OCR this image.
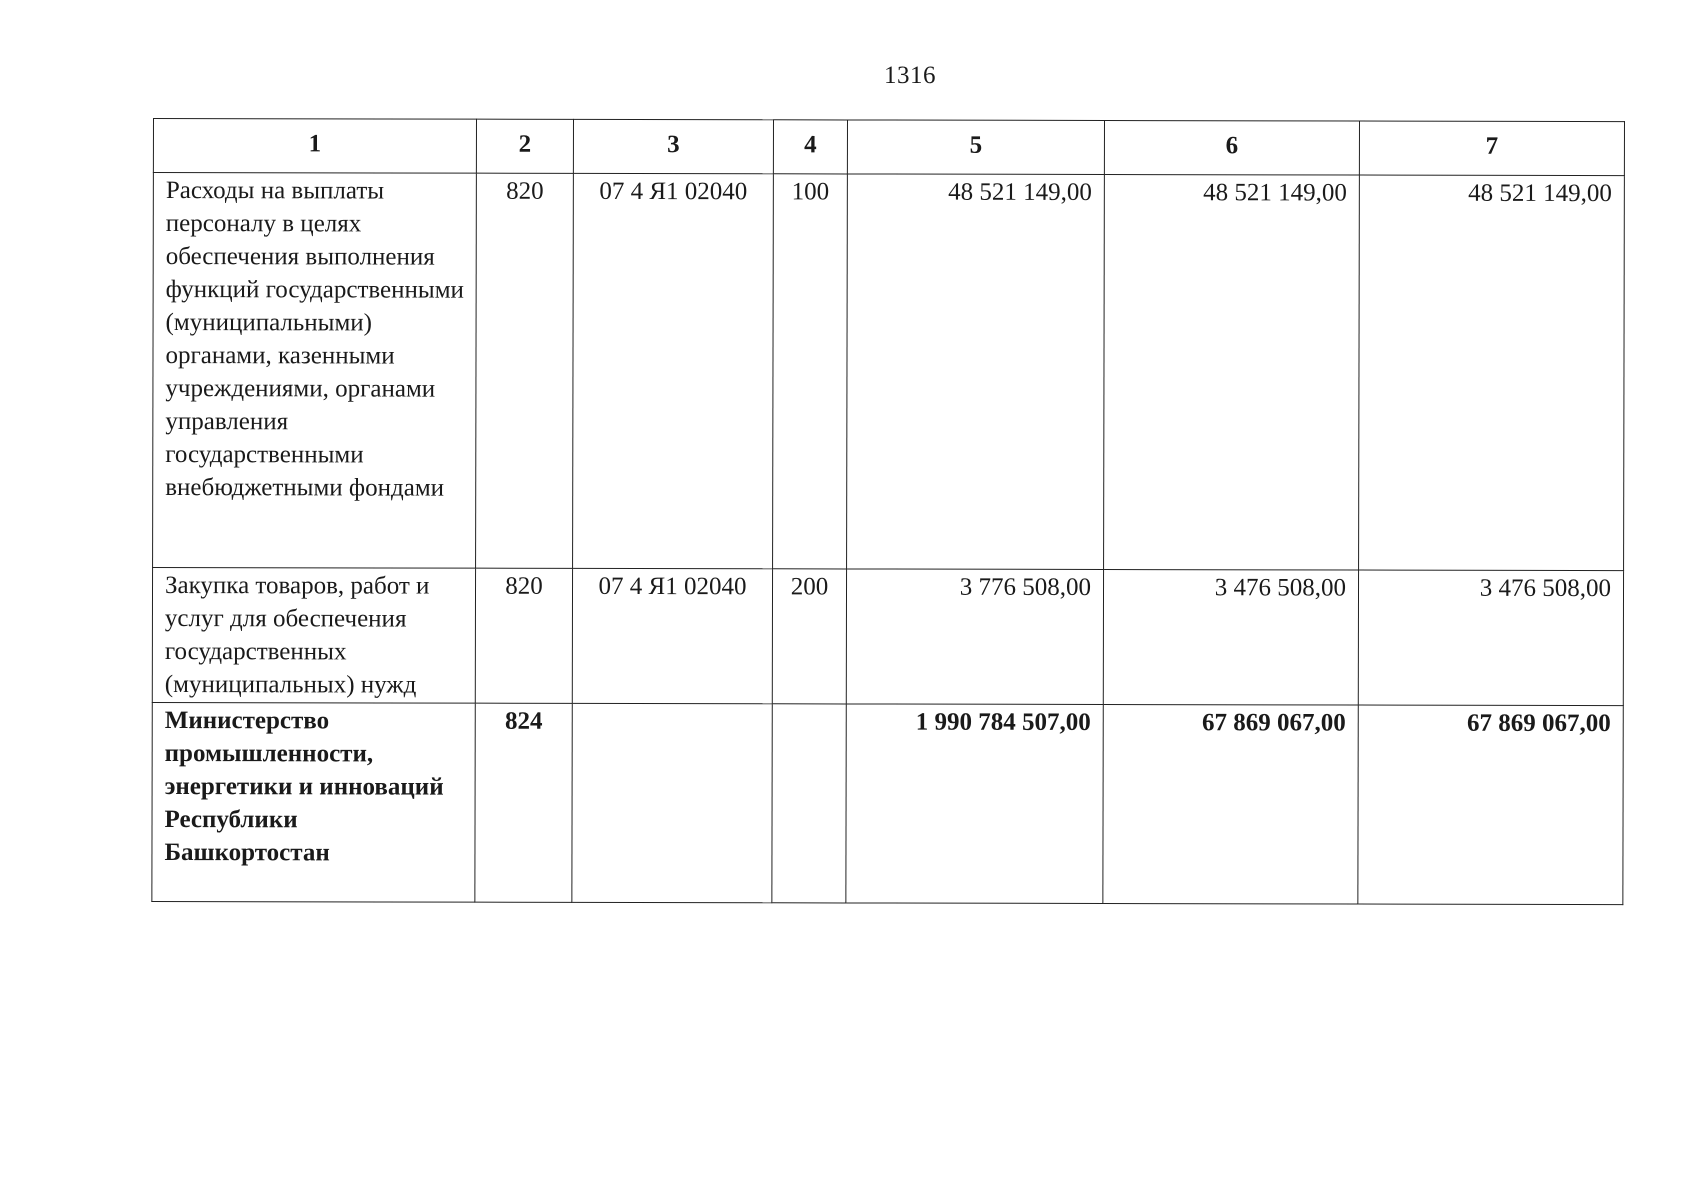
1316
1	2	3	4	5	6	7
Расходы на выплаты персоналу в целях обеспечения выполнения функций государственными (муниципальными) органами, казенными учреждениями, органами управления государственными внебюджетными фондами	820	07 4 Я1 02040	100	48 521 149,00	48 521 149,00	48 521 149,00
Закупка товаров, работ и услуг для обеспечения государственных (муниципальных) нужд	820	07 4 Я1 02040	200	3 776 508,00	3 476 508,00	3 476 508,00
Министерство промышленности, энергетики и инноваций Республики Башкортостан	824			1 990 784 507,00	67 869 067,00	67 869 067,00
